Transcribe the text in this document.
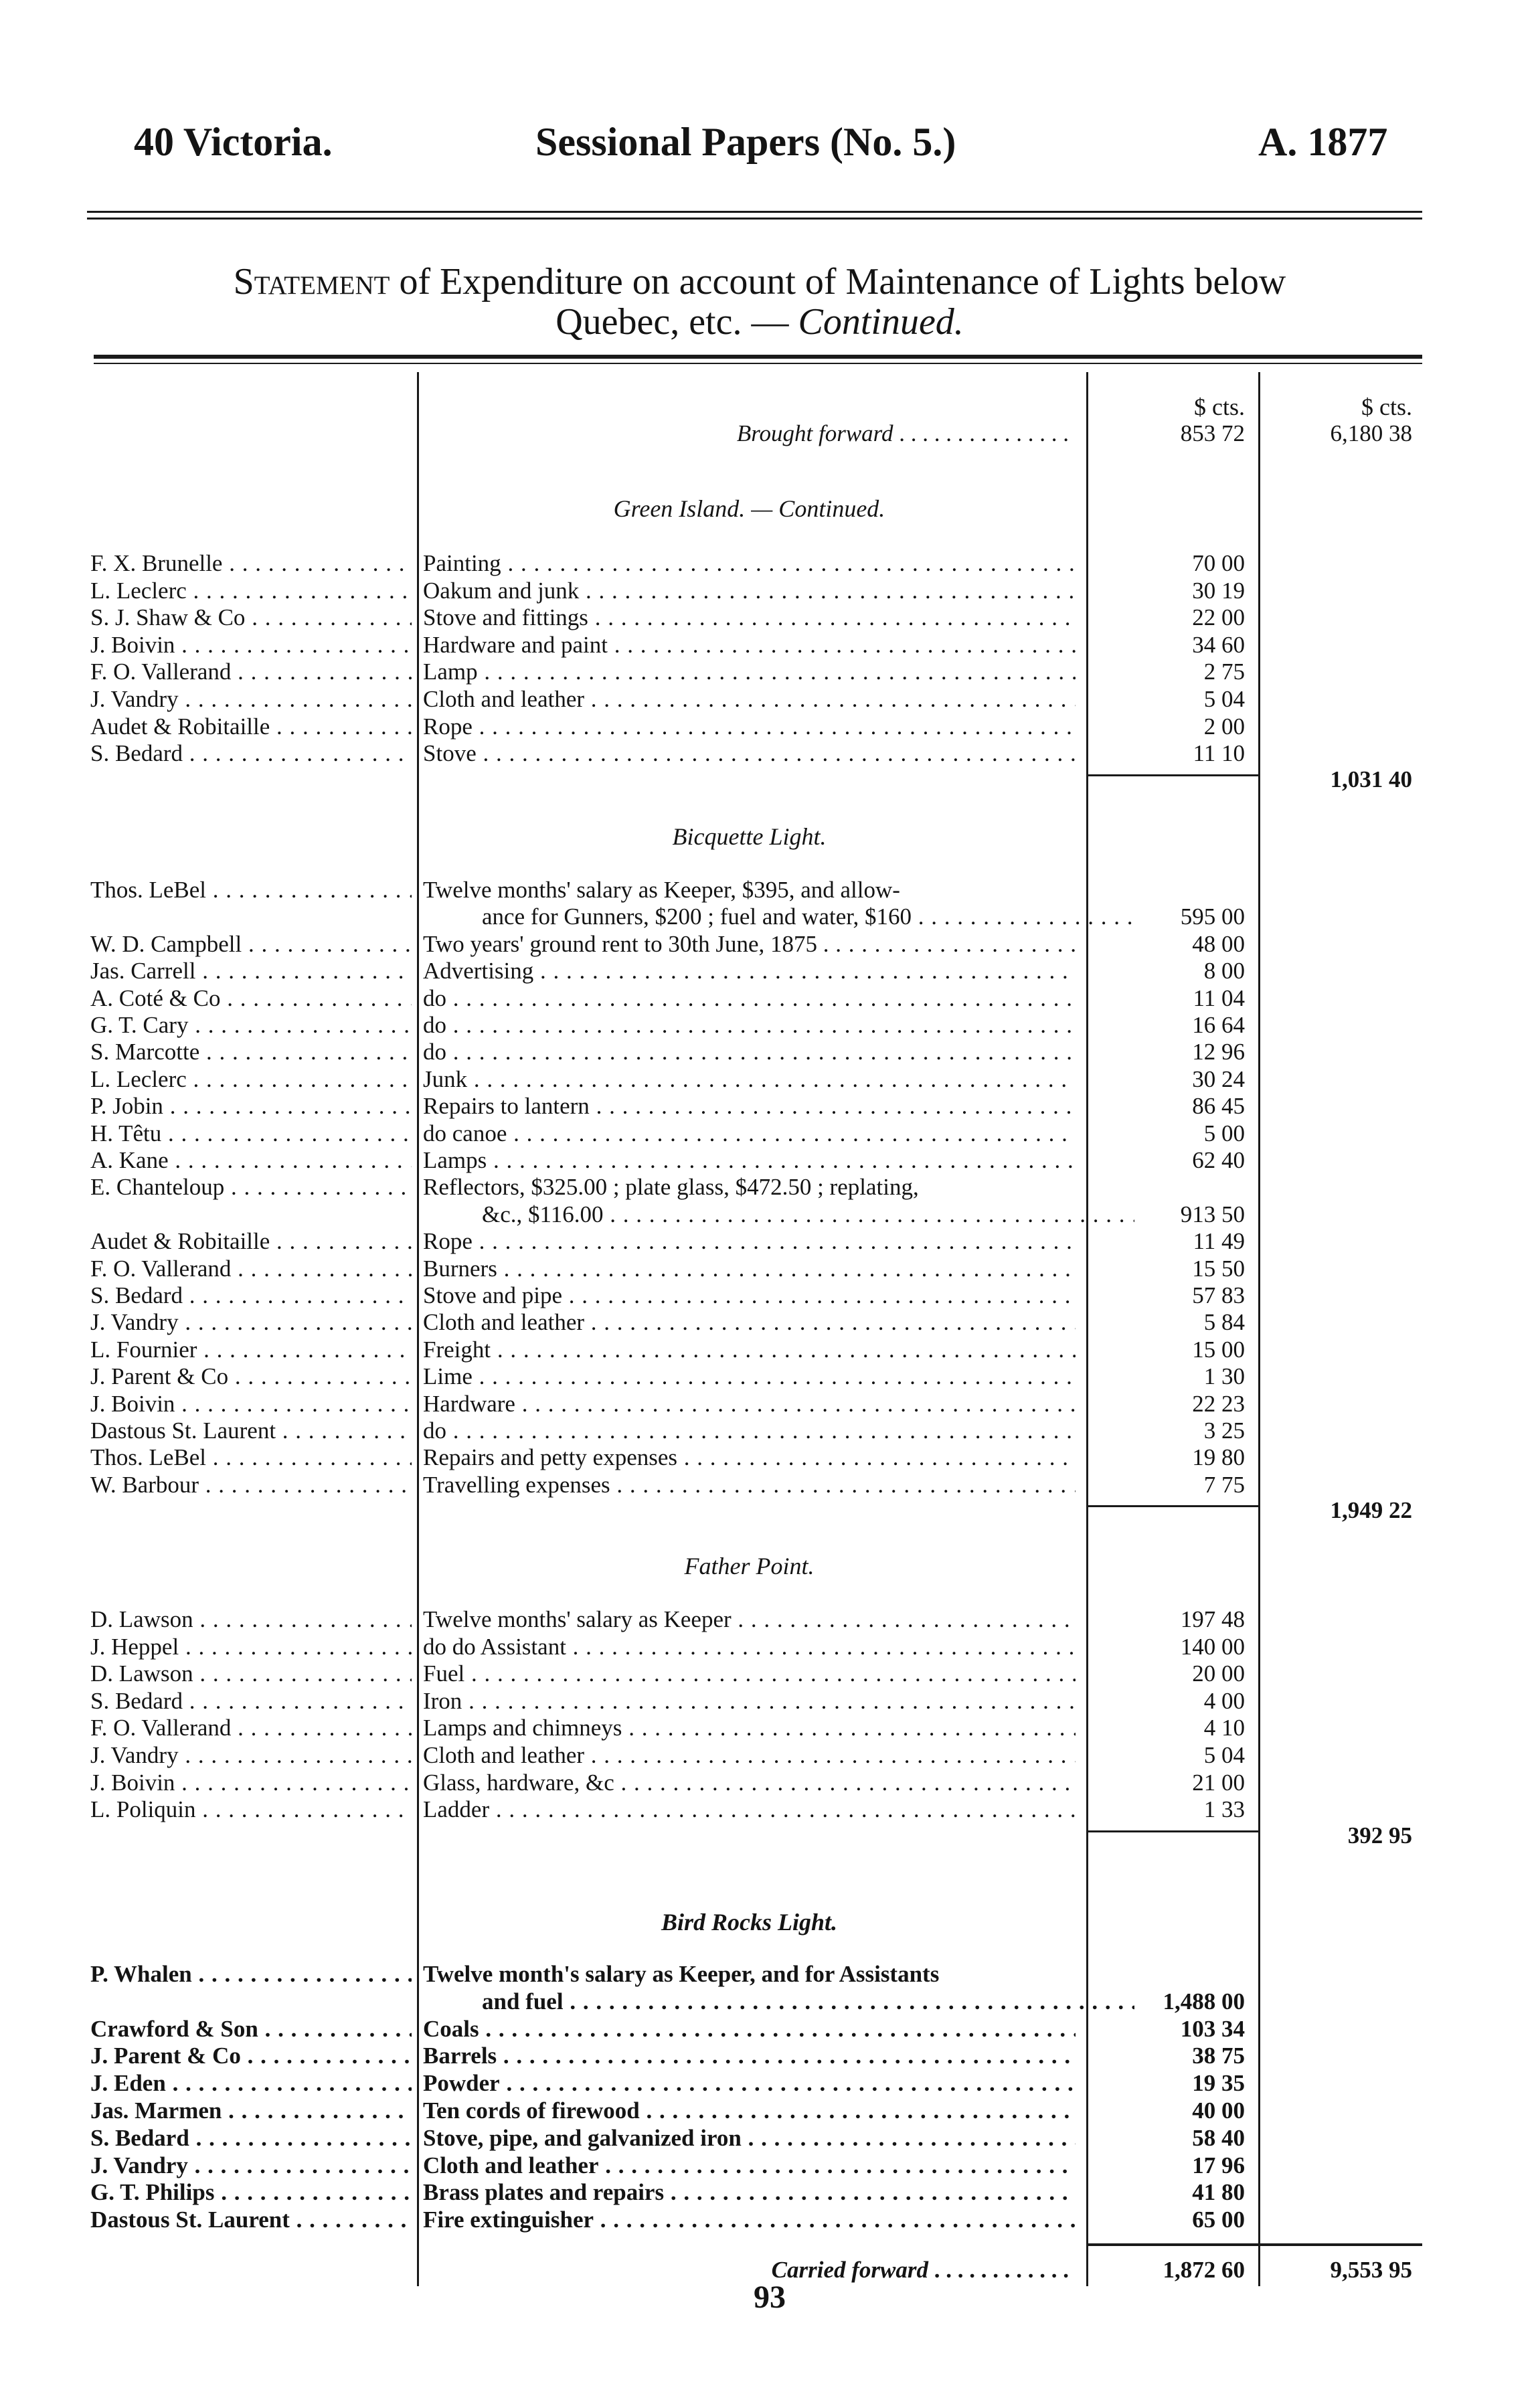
40 Victoria.	Sessional Papers (No. 5.)	A. 1877
Statement of Expenditure on account of Maintenance of Lights below
Quebec, etc. — Continued.
$ cts.	$ cts.
Brought forward . . . . . . . . . . . . . . .	853 72	6,180 38
Green Island. — Continued.
F. X. Brunelle . . .	Painting . . .	70 00
L. Leclerc . . .	Oakum and junk . . .	30 19
S. J. Shaw & Co . . .	Stove and fittings . . .	22 00
J. Boivin . . .	Hardware and paint . . .	34 60
F. O. Vallerand . . .	Lamp . . .	2 75
J. Vandry . . .	Cloth and leather . . .	5 04
Audet & Robitaille . . .	Rope . . .	2 00
S. Bedard . . .	Stove . . .	11 10
1,031 40
Bicquette Light.
Thos. LeBel . . .	Twelve months' salary as Keeper, $395, and allow-
ance for Gunners, $200 ; fuel and water, $160 . . .	595 00
W. D. Campbell . . .	Two years' ground rent to 30th June, 1875 . . . .	48 00
Jas. Carrell . . .	Advertising . . .	8 00
A. Coté & Co . . .	do . . .	11 04
G. T. Cary . . .	do . . .	16 64
S. Marcotte . . .	do . . .	12 96
L. Leclerc . . .	Junk . . .	30 24
P. Jobin . . .	Repairs to lantern . . .	86 45
H. Têtu . . .	do canoe . . .	5 00
A. Kane . . .	Lamps . . .	62 40
E. Chanteloup . . .	Reflectors, $325.00 ; plate glass, $472.50 ; replating,
&c., $116.00 . . .	913 50
Audet & Robitaille . . .	Rope . . .	11 49
F. O. Vallerand . . .	Burners . . .	15 50
S. Bedard . . .	Stove and pipe . . .	57 83
J. Vandry . . .	Cloth and leather . . .	5 84
L. Fournier . . .	Freight . . .	15 00
J. Parent & Co . . .	Lime . . .	1 30
J. Boivin . . .	Hardware . . .	22 23
Dastous St. Laurent . . .	do . . .	3 25
Thos. LeBel . . .	Repairs and petty expenses . . .	19 80
W. Barbour . . .	Travelling expenses . . .	7 75
1,949 22
Father Point.
D. Lawson . . .	Twelve months' salary as Keeper . . .	197 48
J. Heppel . . .	do do Assistant . . .	140 00
D. Lawson . . .	Fuel . . .	20 00
S. Bedard . . .	Iron . . .	4 00
F. O. Vallerand . . .	Lamps and chimneys . . .	4 10
J. Vandry . . .	Cloth and leather . . .	5 04
J. Boivin . . .	Glass, hardware, &c . . .	21 00
L. Poliquin . . .	Ladder . . .	1 33
392 95
Bird Rocks Light.
P. Whalen . . .	Twelve month's salary as Keeper, and for Assistants
and fuel . . .	1,488 00
Crawford & Son . . .	Coals . . .	103 34
J. Parent & Co . . .	Barrels . . .	38 75
J. Eden . . .	Powder . . .	19 35
Jas. Marmen . . .	Ten cords of firewood . . .	40 00
S. Bedard . . .	Stove, pipe, and galvanized iron . . .	58 40
J. Vandry . . .	Cloth and leather . . .	17 96
G. T. Philips . . .	Brass plates and repairs . . .	41 80
Dastous St. Laurent . . .	Fire extinguisher . . .	65 00
Carried forward . . . . . . . . . . . .	1,872 60	9,553 95
93
